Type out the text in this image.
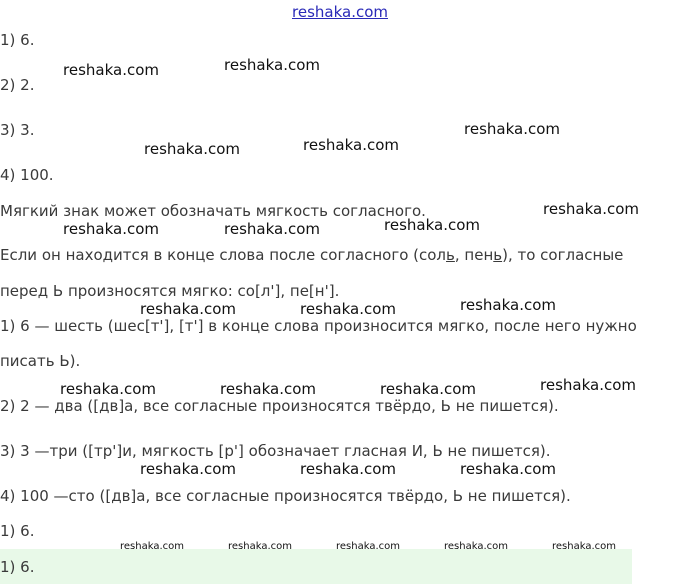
reshaka.com
1) 6.
2) 2.
3) 3.
4) 100.
Мягкий знак может обозначать мягкость согласного.
Если он находится в конце слова после согласного (соль, пень), то согласные
перед Ь произносятся мягко: со[л'], пе[н'].
1) 6 — шесть (шес[т'], [т'] в конце слова произносится мягко, после него нужно
писать Ь).
2) 2 — два ([дв]а, все согласные произносятся твёрдо, Ь не пишется).
3) 3 —три ([тр']и, мягкость [р'] обозначает гласная И, Ь не пишется).
4) 100 —сто ([дв]а, все согласные произносятся твёрдо, Ь не пишется).
1) 6.
1) 6.
reshaka.com	reshaka.com
reshaka.com
reshaka.com	reshaka.com
reshaka.com
reshaka.com	reshaka.com	reshaka.com
reshaka.com	reshaka.com	reshaka.com
reshaka.com	reshaka.com	reshaka.com	reshaka.com
reshaka.com	reshaka.com	reshaka.com
reshaka.com	reshaka.com	reshaka.com	reshaka.com	reshaka.com
